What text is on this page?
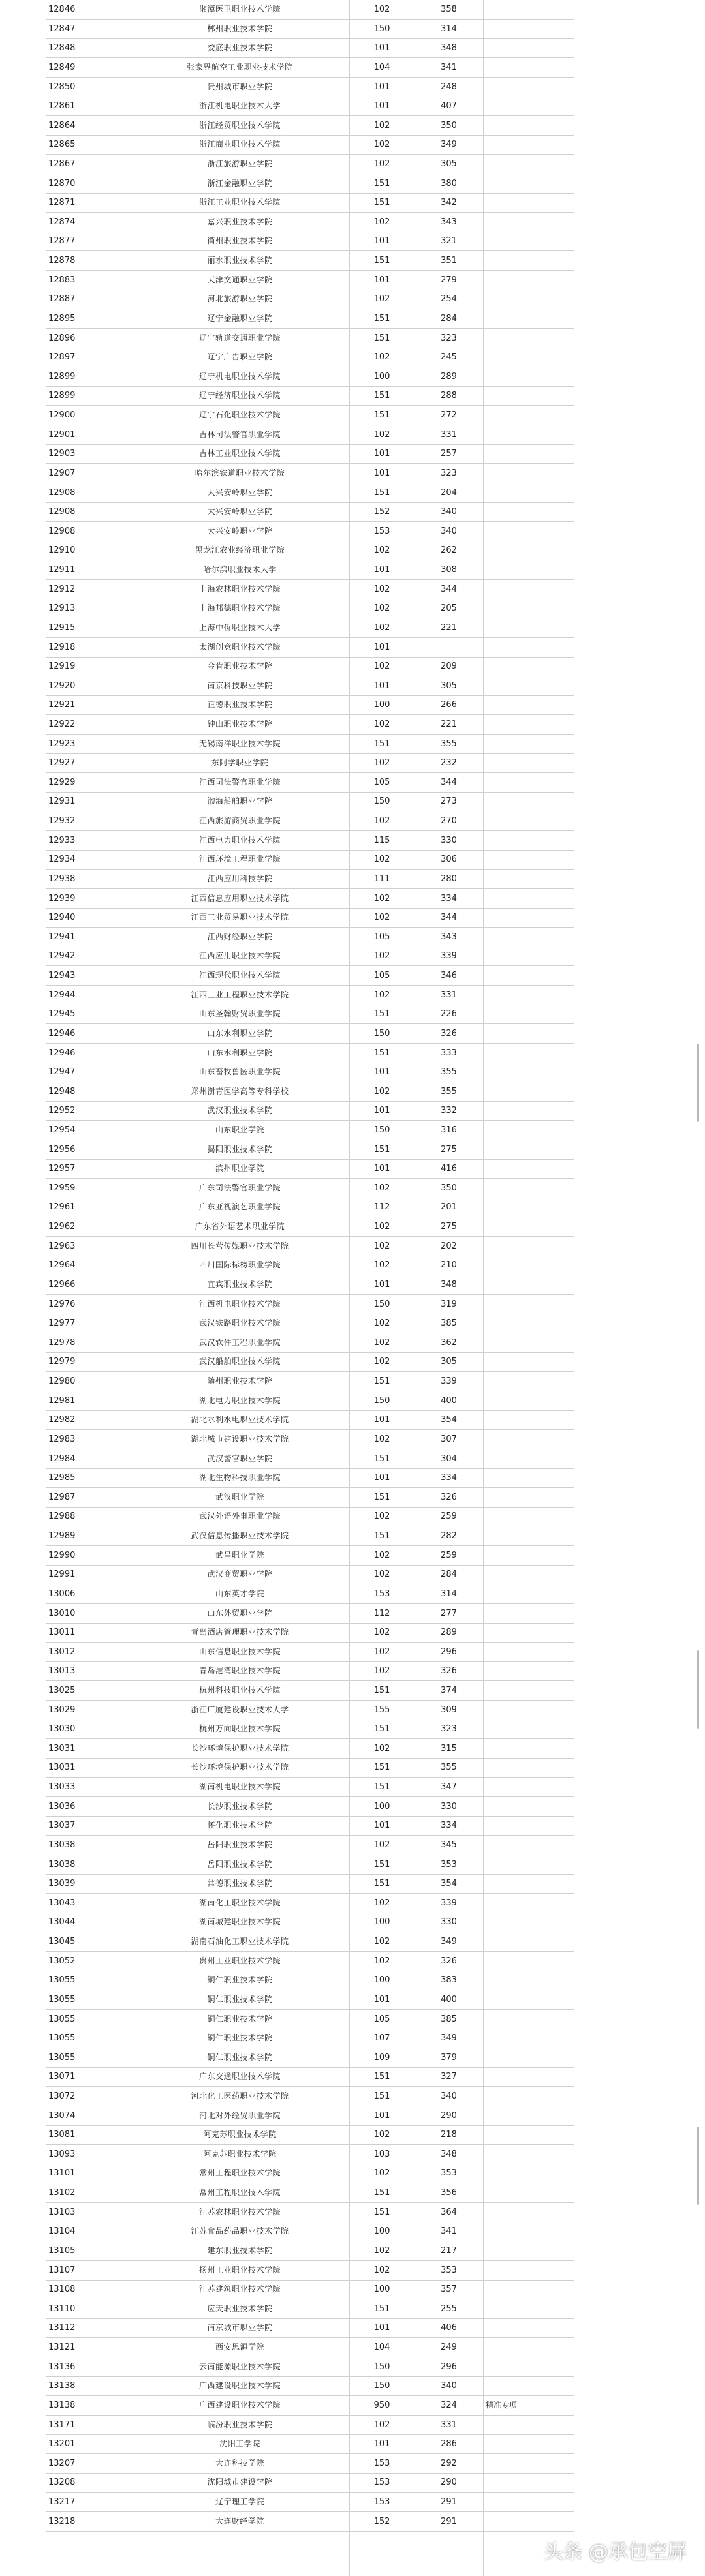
12846	湘潭医卫职业技术学院	102	358
12847	郴州职业技术学院	150	314
12848	娄底职业技术学院	101	348
12849	张家界航空工业职业技术学院	104	341
12850	贵州城市职业学院	101	248
12861	浙江机电职业技术大学	101	407
12864	浙江经贸职业技术学院	102	350
12865	浙江商业职业技术学院	102	349
12867	浙江旅游职业学院	102	305
12870	浙江金融职业学院	151	380
12871	浙江工业职业技术学院	151	342
12874	嘉兴职业技术学院	102	343
12877	衢州职业技术学院	101	321
12878	丽水职业技术学院	151	351
12883	天津交通职业学院	101	279
12887	河北旅游职业学院	102	254
12895	辽宁金融职业学院	151	284
12896	辽宁轨道交通职业学院	151	323
12897	辽宁广告职业学院	102	245
12899	辽宁机电职业技术学院	100	289
12899	辽宁经济职业技术学院	151	288
12900	辽宁石化职业技术学院	151	272
12901	吉林司法警官职业学院	102	331
12903	吉林工业职业技术学院	101	257
12907	哈尔滨铁道职业技术学院	101	323
12908	大兴安岭职业学院	151	204
12908	大兴安岭职业学院	152	340
12908	大兴安岭职业学院	153	340
12910	黑龙江农业经济职业学院	102	262
12911	哈尔滨职业技术大学	101	308
12912	上海农林职业技术学院	102	344
12913	上海邦德职业技术学院	102	205
12915	上海中侨职业技术大学	102	221
12918	太湖创意职业技术学院	101
12919	金肯职业技术学院	102	209
12920	南京科技职业学院	101	305
12921	正德职业技术学院	100	266
12922	钟山职业技术学院	102	221
12923	无锡南洋职业技术学院	151	355
12927	东阿学职业学院	102	232
12929	江西司法警官职业学院	105	344
12931	渤海船舶职业学院	150	273
12932	江西旅游商贸职业学院	102	270
12933	江西电力职业技术学院	115	330
12934	江西环境工程职业学院	102	306
12938	江西应用科技学院	111	280
12939	江西信息应用职业技术学院	102	334
12940	江西工业贸易职业技术学院	102	344
12941	江西财经职业学院	105	343
12942	江西应用职业技术学院	102	339
12943	江西现代职业技术学院	105	346
12944	江西工业工程职业技术学院	102	331
12945	山东圣翰财贸职业学院	151	226
12946	山东水利职业学院	150	326
12946	山东水利职业学院	151	333
12947	山东畜牧兽医职业学院	101	355
12948	郑州澍青医学高等专科学校	102	355
12952	武汉职业技术学院	101	332
12954	山东职业学院	150	316
12956	揭阳职业技术学院	151	275
12957	滨州职业学院	101	416
12959	广东司法警官职业学院	102	350
12961	广东亚视演艺职业学院	112	201
12962	广东省外语艺术职业学院	102	275
12963	四川长营传媒职业技术学院	102	202
12964	四川国际标榜职业学院	102	210
12966	宜宾职业技术学院	101	348
12976	江西机电职业技术学院	150	319
12977	武汉铁路职业技术学院	102	385
12978	武汉软件工程职业学院	102	362
12979	武汉船舶职业技术学院	102	305
12980	随州职业技术学院	151	339
12981	湖北电力职业技术学院	150	400
12982	湖北水利水电职业技术学院	101	354
12983	湖北城市建设职业技术学院	102	307
12984	武汉警官职业学院	151	304
12985	湖北生物科技职业学院	101	334
12987	武汉职业学院	151	326
12988	武汉外语外事职业学院	102	259
12989	武汉信息传播职业技术学院	151	282
12990	武昌职业学院	102	259
12991	武汉商贸职业学院	102	284
13006	山东英才学院	153	314
13010	山东外贸职业学院	112	277
13011	青岛酒店管理职业技术学院	102	289
13012	山东信息职业技术学院	102	296
13013	青岛港湾职业技术学院	102	326
13025	杭州科技职业技术学院	151	374
13029	浙江广厦建设职业技术大学	155	309
13030	杭州万向职业技术学院	151	323
13031	长沙环境保护职业技术学院	102	315
13031	长沙环境保护职业技术学院	151	355
13033	湖南机电职业技术学院	151	347
13036	长沙职业技术学院	100	330
13037	怀化职业技术学院	101	334
13038	岳阳职业技术学院	102	345
13038	岳阳职业技术学院	151	353
13039	常德职业技术学院	151	354
13043	湖南化工职业技术学院	102	339
13044	湖南城建职业技术学院	100	330
13045	湖南石油化工职业技术学院	102	349
13052	贵州工业职业技术学院	102	326
13055	铜仁职业技术学院	100	383
13055	铜仁职业技术学院	101	400
13055	铜仁职业技术学院	105	385
13055	铜仁职业技术学院	107	349
13055	铜仁职业技术学院	109	379
13071	广东交通职业技术学院	151	327
13072	河北化工医药职业技术学院	151	340
13074	河北对外经贸职业学院	101	290
13081	阿克苏职业技术学院	102	218
13093	阿克苏职业技术学院	103	348
13101	常州工程职业技术学院	102	353
13102	常州工程职业技术学院	151	356
13103	江苏农林职业技术学院	151	364
13104	江苏食品药品职业技术学院	100	341
13105	建东职业技术学院	102	217
13107	扬州工业职业技术学院	102	353
13108	江苏建筑职业技术学院	100	357
13110	应天职业技术学院	151	255
13112	南京城市职业学院	101	406
13121	西安思源学院	104	249
13136	云南能源职业技术学院	150	296
13138	广西建设职业技术学院	150	340
13138	广西建设职业技术学院	950	324	精准专项
13171	临汾职业技术学院	102	331
13201	沈阳工学院	101	286
13207	大连科技学院	153	292
13208	沈阳城市建设学院	153	290
13217	辽宁理工学院	153	291
13218	大连财经学院	152	291
头条 @承包空屏
